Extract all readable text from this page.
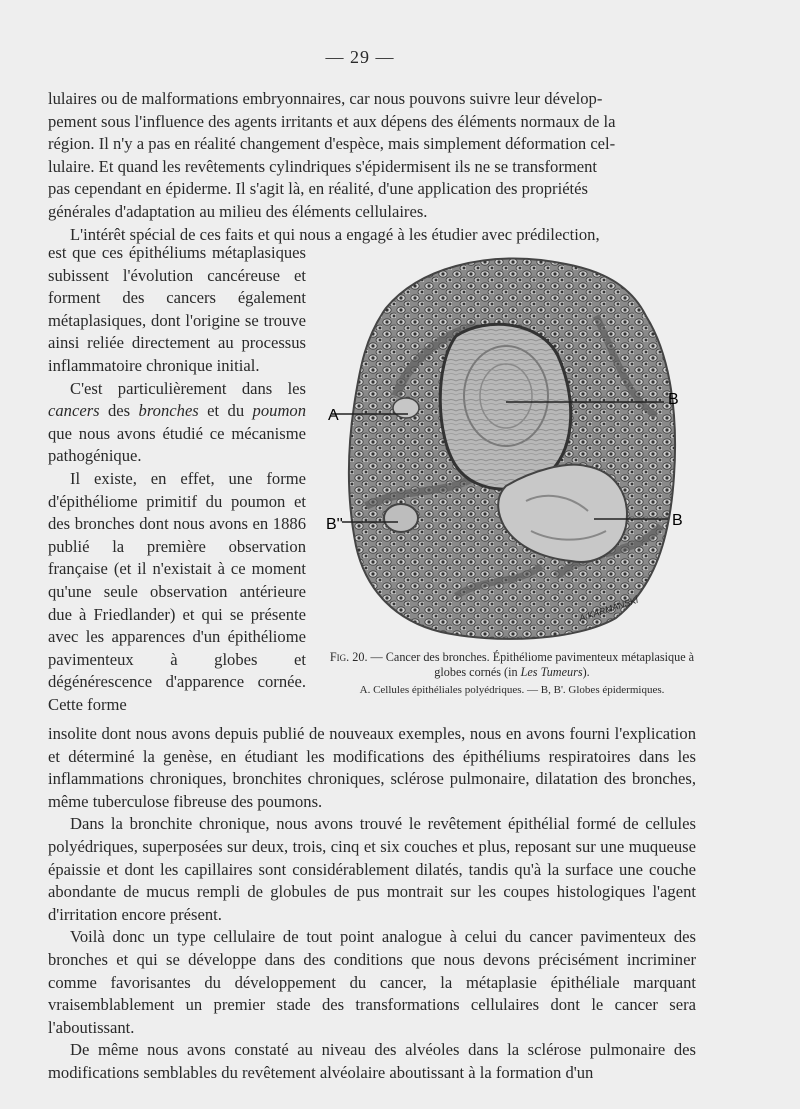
— 29 —

lulaires ou de malformations embryonnaires, car nous pouvons suivre leur dévelop-
pement sous l'influence des agents irritants et aux dépens des éléments normaux de la
région. Il n'y a pas en réalité changement d'espèce, mais simplement déformation cel-
lulaire. Et quand les revêtements cylindriques s'épidermisent ils ne se transforment
pas cependant en épiderme. Il s'agit là, en réalité, d'une application des propriétés
générales d'adaptation au milieu des éléments cellulaires.

L'intérêt spécial de ces faits et qui nous a engagé à les étudier avec prédilection,

est que ces épithéliums métaplasiques subissent l'évolution cancéreuse et forment des cancers également métaplasiques, dont l'origine se trouve ainsi reliée directement au processus inflammatoire chronique initial.

C'est particulièrement dans les cancers des bronches et du poumon que nous avons étudié ce mécanisme pathogénique.

Il existe, en effet, une forme d'épithéliome primitif du poumon et des bronches dont nous avons en 1886 publié la première observation française (et il n'existait à ce moment qu'une seule observation antérieure due à Friedlander) et qui se présente avec les apparences d'un épithéliome pavimenteux à globes et dégénérescence d'apparence cornée. Cette forme

A
B
B
B''
A.KARMANSKI
Fig. 20. — Cancer des bronches. Épithéliome pavimenteux métaplasique à globes cornés (in Les Tumeurs).
A. Cellules épithéliales polyédriques. — B, B'. Globes épidermiques.

insolite dont nous avons depuis publié de nouveaux exemples, nous en avons fourni l'explication et déterminé la genèse, en étudiant les modifications des épithéliums respiratoires dans les inflammations chroniques, bronchites chroniques, sclérose pulmonaire, dilatation des bronches, même tuberculose fibreuse des poumons.

Dans la bronchite chronique, nous avons trouvé le revêtement épithélial formé de cellules polyédriques, superposées sur deux, trois, cinq et six couches et plus, reposant sur une muqueuse épaissie et dont les capillaires sont considérablement dilatés, tandis qu'à la surface une couche abondante de mucus rempli de globules de pus montrait sur les coupes histologiques l'agent d'irritation encore présent.

Voilà donc un type cellulaire de tout point analogue à celui du cancer pavimenteux des bronches et qui se développe dans des conditions que nous devons précisément incriminer comme favorisantes du développement du cancer, la métaplasie épithéliale marquant vraisemblablement un premier stade des transformations cellulaires dont le cancer sera l'aboutissant.

De même nous avons constaté au niveau des alvéoles dans la sclérose pulmonaire des modifications semblables du revêtement alvéolaire aboutissant à la formation d'un
